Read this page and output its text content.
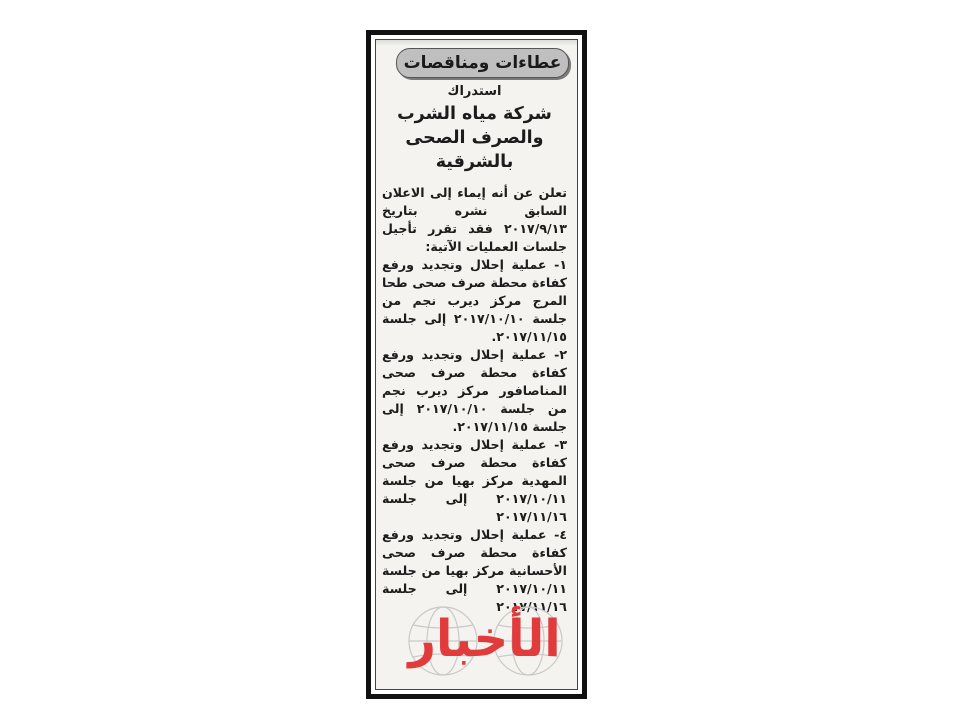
عطاءات ومناقصات

استدراك

شركة مياه الشرب والصرف الصحى بالشرقية

تعلن عن أنه إيماء إلى الاعلان السابق نشره بتاريخ ٢٠١٧/٩/١٣ فقد تقرر تأجيل جلسات العمليات الآتية:

١- عملية إحلال وتجديد ورفع كفاءة محطة صرف صحى طحا المرج مركز ديرب نجم من جلسة ٢٠١٧/١٠/١٠ إلى جلسة ٢٠١٧/١١/١٥.

٢- عملية إحلال وتجديد ورفع كفاءة محطة صرف صحى المناصافور مركز ديرب نجم من جلسة ٢٠١٧/١٠/١٠ إلى جلسة ٢٠١٧/١١/١٥.

٣- عملية إحلال وتجديد ورفع كفاءة محطة صرف صحى المهدية مركز بهيا من جلسة ٢٠١٧/١٠/١١ إلى جلسة ٢٠١٧/١١/١٦

٤- عملية إحلال وتجديد ورفع كفاءة محطة صرف صحى الأحسانية مركز بهيا من جلسة ٢٠١٧/١٠/١١ إلى جلسة ٢٠١٧/١١/١٦

الأخبار
